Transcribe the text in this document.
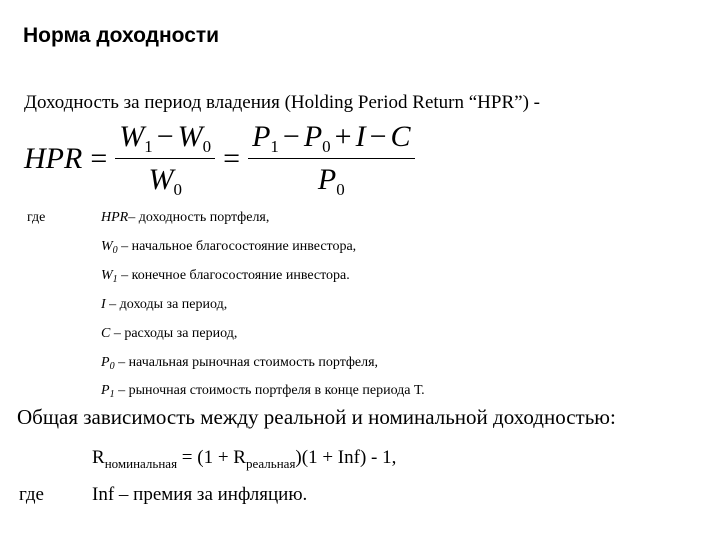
Норма доходности
Доходность за период владения (Holding Period Return “HPR”) -
HPR = $\frac{W_1 - W_0}{W_0} = \frac{P_1 - P_0 + I - C}{P_0}$
где	HPR– доходность портфеля,
$W_0$ – начальное благосостояние инвестора,
$W_1$ – конечное благосостояние инвестора.
I – доходы за период,
C – расходы за период,
$P_0$ – начальная рыночная стоимость портфеля,
$P_1$ – рыночная стоимость портфеля в конце периода Т.
Общая зависимость между реальной и номинальной доходностью:
$R_{номинальная} = (1 + R_{реальная})(1 + Inf) - 1$,
где	Inf – премия за инфляцию.
